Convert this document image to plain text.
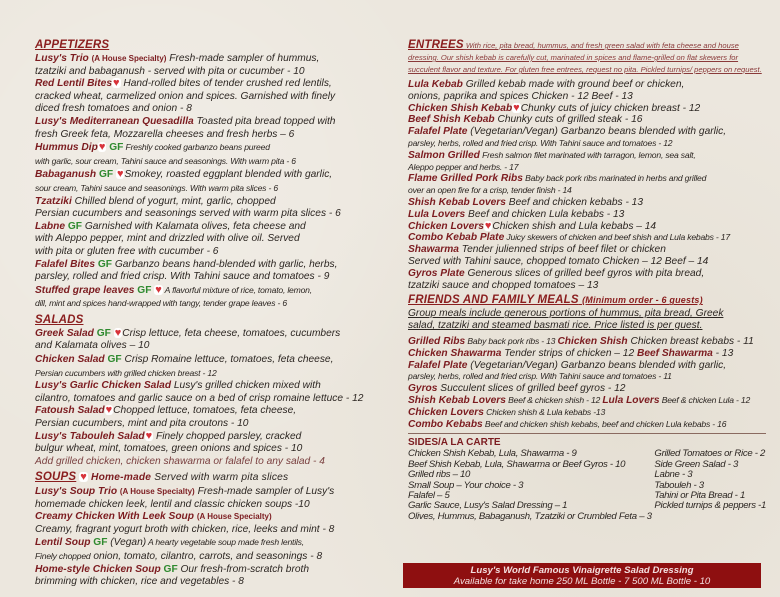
APPETIZERS
Lusy's Trio (A House Specialty) Fresh-made sampler of hummus,
tzatziki and babaganush - served with pita or cucumber - 10
Red Lentil Bites♥ Hand-rolled bites of tender crushed red lentils,
cracked wheat, carmelized onion and spices. Garnished with finely
diced fresh tomatoes and onion - 8
Lusy's Mediterranean Quesadilla Toasted pita bread topped with
fresh Greek feta, Mozzarella cheeses and fresh herbs – 6
Hummus Dip♥ GF Freshly cooked garbanzo beans pureed
with garlic, sour cream, Tahini sauce and seasonings. With warm pita - 6
Babaganush GF ♥Smokey, roasted eggplant blended with garlic,
sour cream, Tahini sauce and seasonings. With warm pita slices - 6
Tzatziki Chilled blend of yogurt, mint, garlic, chopped
Persian cucumbers and seasonings served with warm pita slices - 6
Labne GF Garnished with Kalamata olives, feta cheese and
with Aleppo pepper, mint and drizzled with olive oil. Served
with pita or gluten free with cucumber - 6
Falafel Bites GF Garbanzo beans hand-blended with garlic, herbs,
parsley, rolled and fried crisp. With Tahini sauce and tomatoes - 9
Stuffed grape leaves GF ♥ A flavorful mixture of rice, tomato, lemon,
dill, mint and spices hand-wrapped with tangy, tender grape leaves - 6
SALADS
Greek Salad GF ♥Crisp lettuce, feta cheese, tomatoes, cucumbers
and Kalamata olives – 10
Chicken Salad GF Crisp Romaine lettuce, tomatoes, feta cheese,
Persian cucumbers with grilled chicken breast - 12
Lusy's Garlic Chicken Salad Lusy's grilled chicken mixed with
cilantro, tomatoes and garlic sauce on a bed of crisp romaine lettuce - 12
Fatoush Salad♥Chopped lettuce, tomatoes, feta cheese,
Persian cucumbers, mint and pita croutons - 10
Lusy's Tabouleh Salad♥ Finely chopped parsley, cracked
bulgur wheat, mint, tomatoes, green onions and spices - 10
Add grilled chicken, chicken shawarma or falafel to any salad - 4
SOUPS ♥ Home-made Served with warm pita slices
Lusy's Soup Trio (A House Specialty) Fresh-made sampler of Lusy's
homemade chicken leek, lentil and classic chicken soups -10
Creamy Chicken With Leek Soup (A House Specialty)
Creamy, fragrant yogurt broth with chicken, rice, leeks and mint - 8
Lentil Soup GF (Vegan) A hearty vegetable soup made fresh lentils,
Finely chopped onion, tomato, cilantro, carrots, and seasonings - 8
Home-style Chicken Soup GF Our fresh-from-scratch broth
brimming with chicken, rice and vegetables - 8
ENTREES With rice, pita bread, hummus, and fresh green salad with feta cheese and house dressing. Our shish kebab is carefully cut, marinated in spices and flame-grilled on flat skewers for succulent flavor and texture. For gluten free entrees, request no pita. Pickled turnips/ peppers on request.
Lula Kebab Grilled kebab made with ground beef or chicken,
onions, paprika and spices Chicken - 12 Beef - 13
Chicken Shish Kebab♥Chunky cuts of juicy chicken breast - 12
Beef Shish Kebab Chunky cuts of grilled steak - 16
Falafel Plate (Vegetarian/Vegan) Garbanzo beans blended with garlic,
parsley, herbs, rolled and fried crisp. With Tahini sauce and tomatoes - 12
Salmon Grilled Fresh salmon filet marinated with tarragon, lemon, sea salt,
Aleppo pepper and herbs. - 17
Flame Grilled Pork Ribs Baby back pork ribs marinated in herbs and grilled
over an open fire for a crisp, tender finish - 14
Shish Kebab Lovers Beef and chicken kebabs - 13
Lula Lovers Beef and chicken Lula kebabs - 13
Chicken Lovers♥Chicken shish and Lula kebabs – 14
Combo Kebab Plate Juicy skewers of chicken and beef shish and Lula kebabs - 17
Shawarma Tender julienned strips of beef filet or chicken
Served with Tahini sauce, chopped tomato Chicken – 12 Beef – 14
Gyros Plate Generous slices of grilled beef gyros with pita bread,
tzatziki sauce and chopped tomatoes – 13
FRIENDS AND FAMILY MEALS (Minimum order - 6 guests)
Group meals include generous portions of hummus, pita bread, Greek
salad, tzatziki and steamed basmati rice. Price listed is per guest.
Grilled Ribs Baby back pork ribs - 13 Chicken Shish Chicken breast kebabs - 11
Chicken Shawarma Tender strips of chicken – 12 Beef Shawarma - 13
Falafel Plate (Vegetarian/Vegan) Garbanzo beans blended with garlic,
parsley, herbs, rolled and fried crisp. With Tahini sauce and tomatoes - 11
Gyros Succulent slices of grilled beef gyros - 12
Shish Kebab Lovers Beef & chicken shish - 12 Lula Lovers Beef & chicken Lula - 12
Chicken Lovers Chicken shish & Lula kebabs -13
Combo Kebabs Beef and chicken shish kebabs, beef and chicken Lula kebabs - 16
SIDES/A LA CARTE
Chicken Shish Kebab, Lula, Shawarma - 9	Grilled Tomatoes or Rice - 2
Beef Shish Kebab, Lula, Shawarma or Beef Gyros - 10	Side Green Salad - 3
Grilled ribs – 10	Labne - 3
Small Soup – Your choice - 3	Tabouleh - 3
Falafel – 5	Tahini or Pita Bread - 1
Garlic Sauce, Lusy's Salad Dressing – 1	Pickled turnips & peppers -1
Olives, Hummus, Babaganush, Tzatziki or Crumbled Feta – 3
Lusy's World Famous Vinaigrette Salad Dressing
Available for take home 250 ML Bottle - 7 500 ML Bottle - 10
